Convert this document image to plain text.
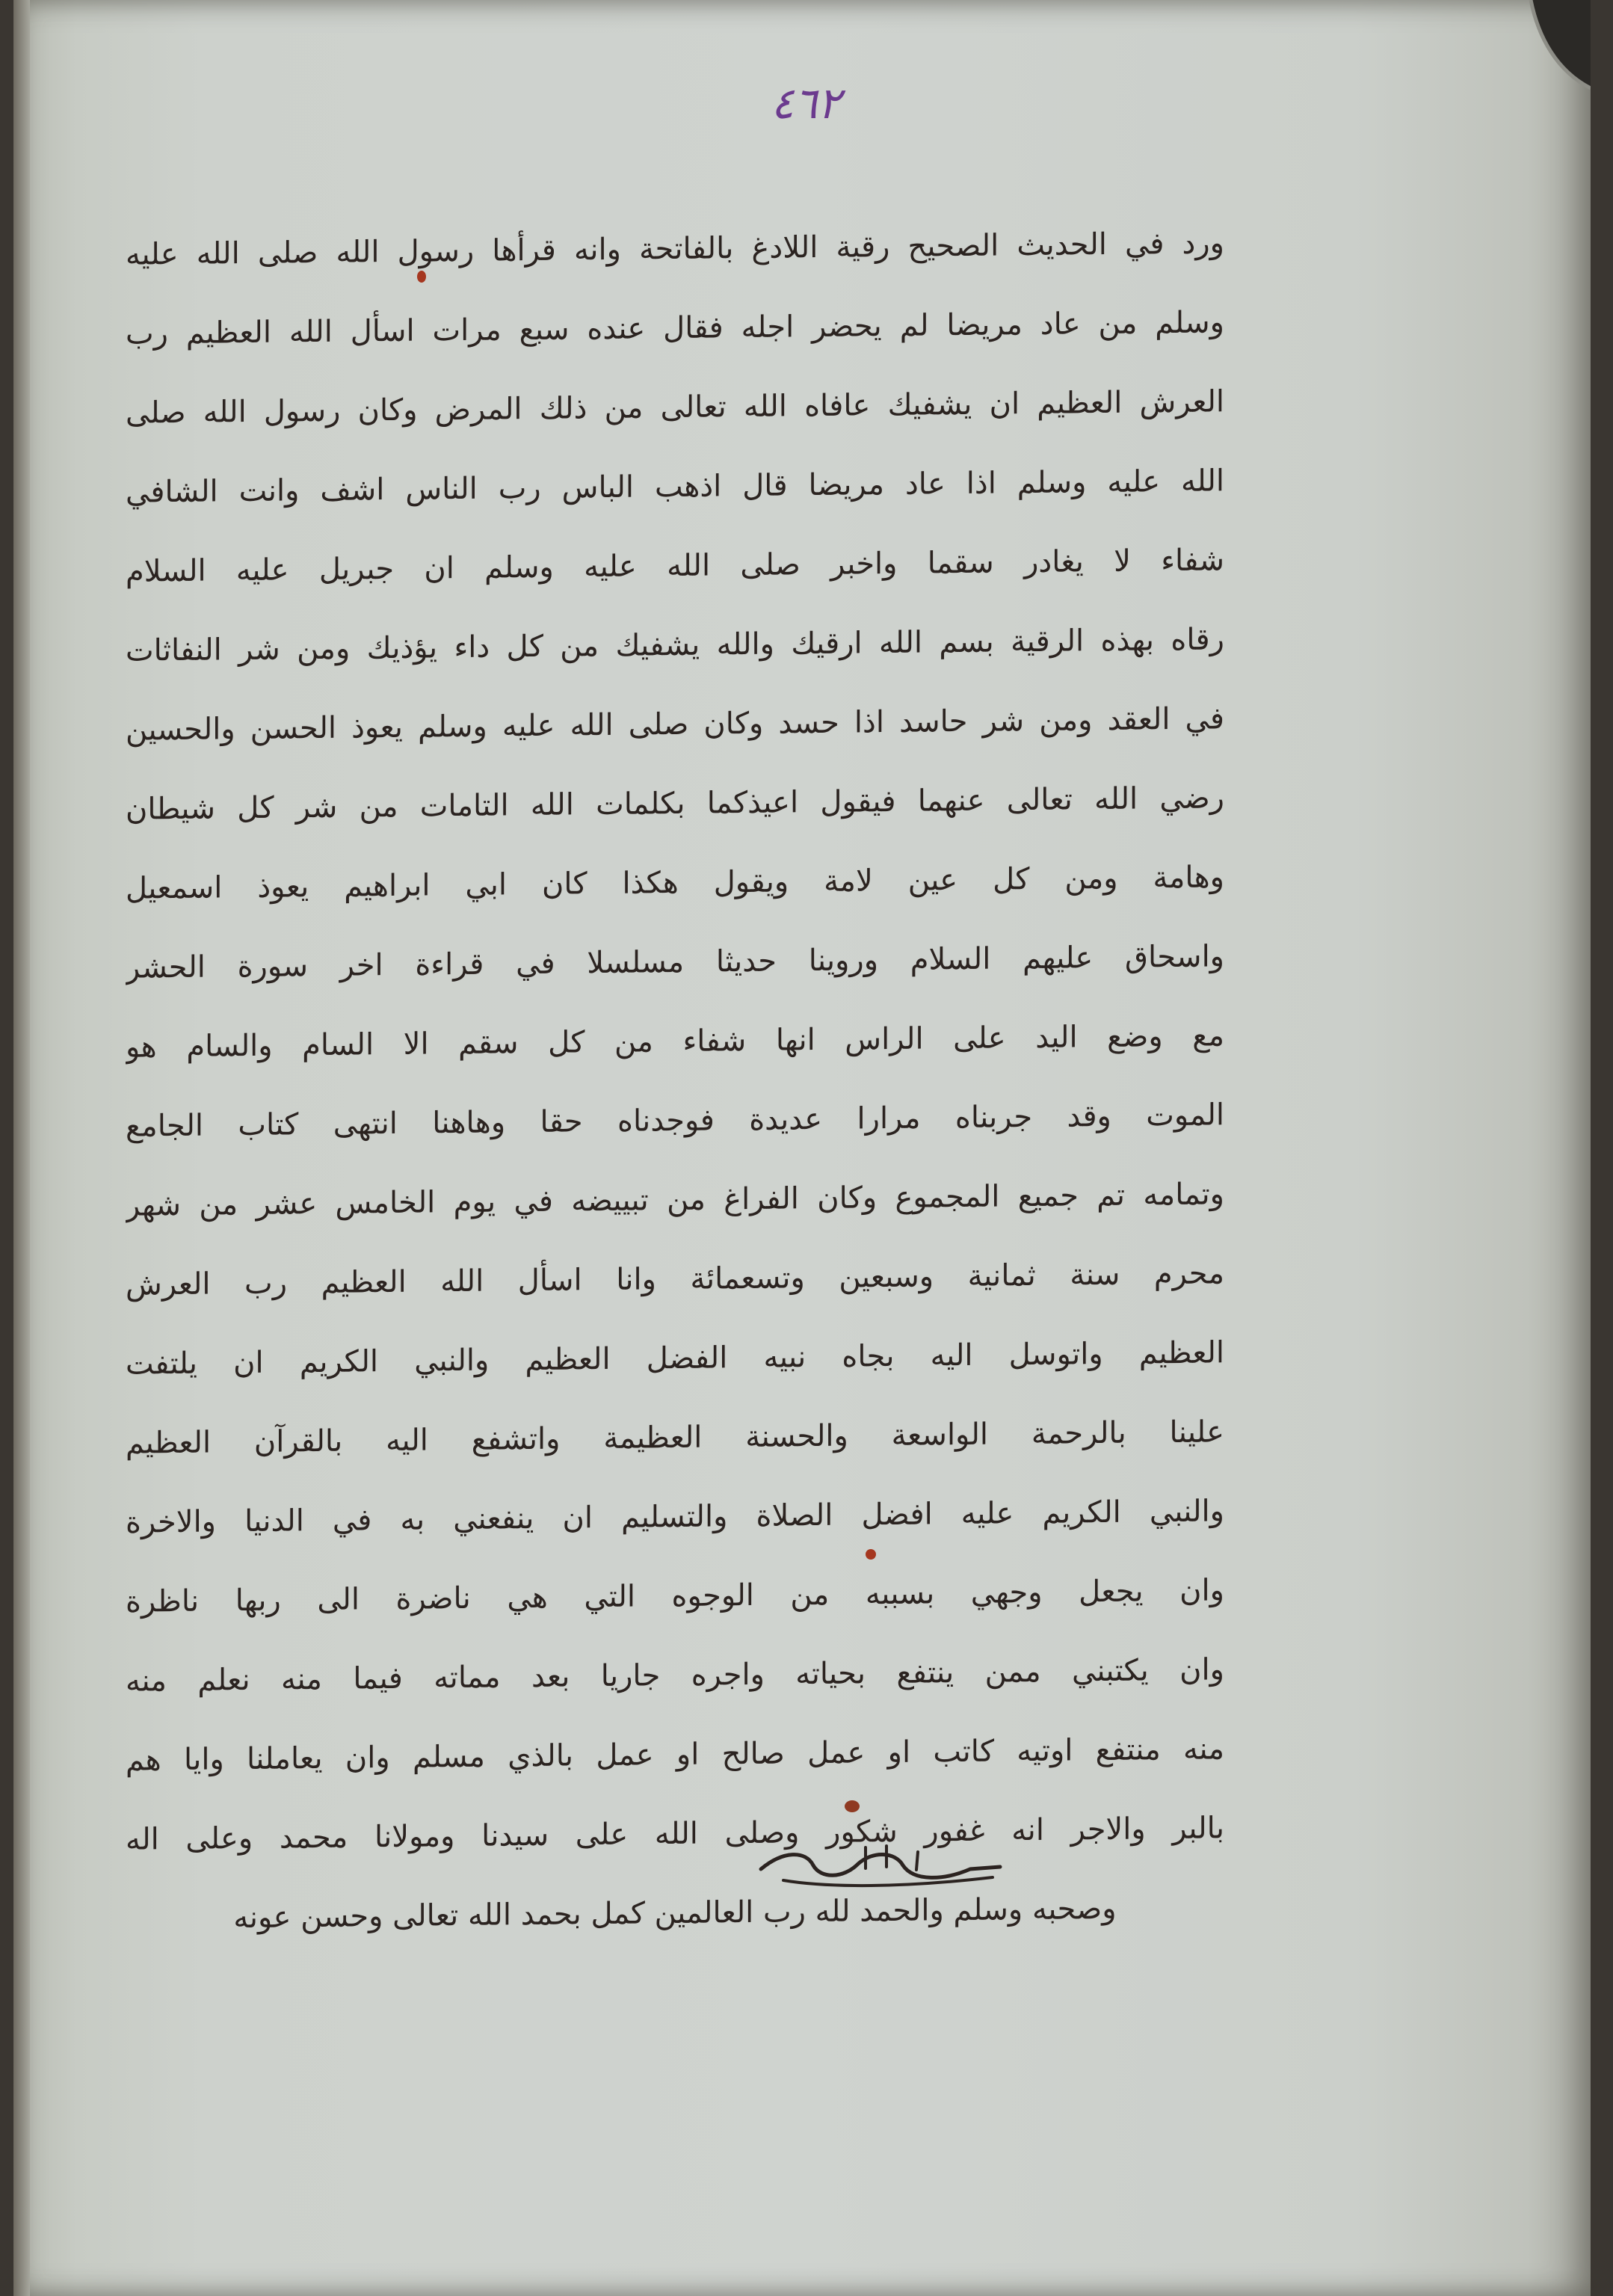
٤٦٢
ورد في الحديث الصحيح رقية اللادغ بالفاتحة وانه قرأها رسول الله صلى الله عليه
وسلم من عاد مريضا لم يحضر اجله فقال عنده سبع مرات اسأل الله العظيم رب
العرش العظيم ان يشفيك عافاه الله تعالى من ذلك المرض وكان رسول الله صلى
الله عليه وسلم اذا عاد مريضا قال اذهب الباس رب الناس اشف وانت الشافي
شفاء لا يغادر سقما واخبر صلى الله عليه وسلم ان جبريل عليه السلام
رقاه بهذه الرقية بسم الله ارقيك والله يشفيك من كل داء يؤذيك ومن شر النفاثات
في العقد ومن شر حاسد اذا حسد وكان صلى الله عليه وسلم يعوذ الحسن والحسين
رضي الله تعالى عنهما فيقول اعيذكما بكلمات الله التامات من شر كل شيطان
وهامة ومن كل عين لامة ويقول هكذا كان ابي ابراهيم يعوذ اسمعيل
واسحاق عليهم السلام وروينا حديثا مسلسلا في قراءة اخر سورة الحشر
مع وضع اليد على الراس انها شفاء من كل سقم الا السام والسام هو
الموت وقد جربناه مرارا عديدة فوجدناه حقا وهاهنا انتهى كتاب الجامع
وتمامه تم جميع المجموع وكان الفراغ من تبييضه في يوم الخامس عشر من شهر
محرم سنة ثمانية وسبعين وتسعمائة وانا اسأل الله العظيم رب العرش
العظيم واتوسل اليه بجاه نبيه الفضل العظيم والنبي الكريم ان يلتفت
علينا بالرحمة الواسعة والحسنة العظيمة واتشفع اليه بالقرآن العظيم
والنبي الكريم عليه افضل الصلاة والتسليم ان ينفعني به في الدنيا والاخرة
وان يجعل وجهي بسببه من الوجوه التي هي ناضرة الى ربها ناظرة
وان يكتبني ممن ينتفع بحياته واجره جاريا بعد مماته فيما منه نعلم منه
منه منتفع اوتيه كاتب او عمل صالح او عمل بالذي مسلم وان يعاملنا وايا هم
بالبر والاجر انه غفور شكور وصلى الله على سيدنا ومولانا محمد وعلى اله
وصحبه وسلم والحمد لله رب العالمين كمل بحمد الله تعالى وحسن عونه
